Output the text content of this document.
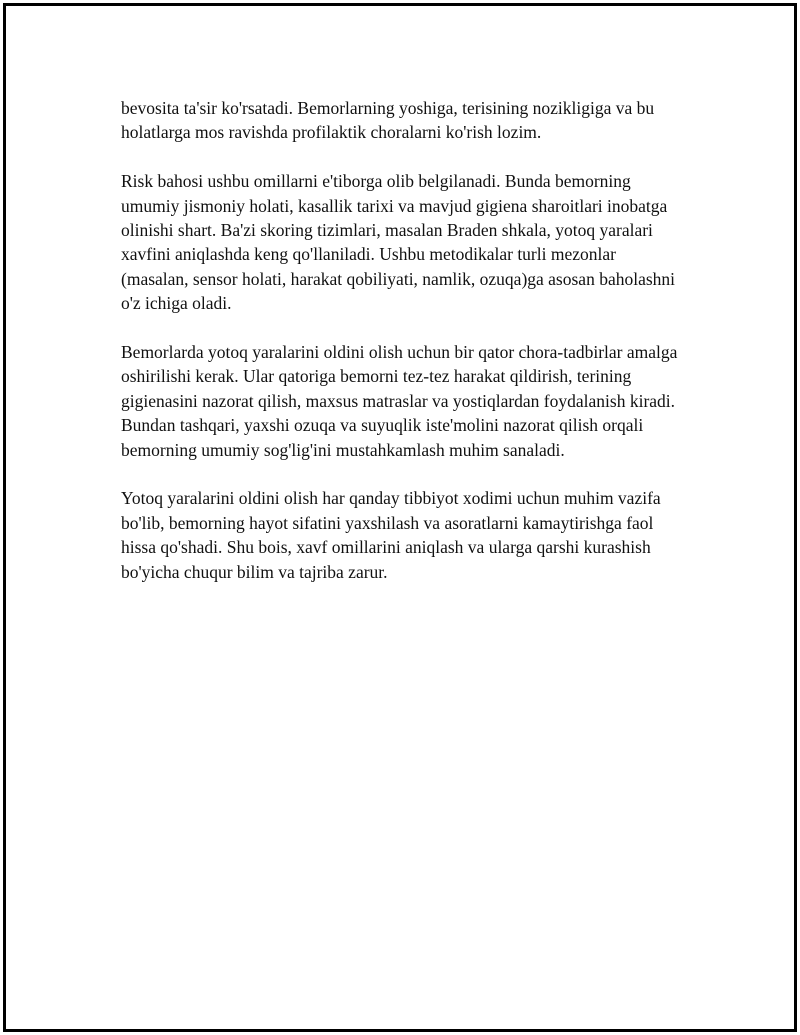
bevosita ta'sir ko'rsatadi. Bemorlarning yoshiga, terisining nozikligiga va bu holatlarga mos ravishda profilaktik choralarni ko'rish lozim.

Risk bahosi ushbu omillarni e'tiborga olib belgilanadi. Bunda bemorning umumiy jismoniy holati, kasallik tarixi va mavjud gigiena sharoitlari inobatga olinishi shart. Ba'zi skoring tizimlari, masalan Braden shkala, yotoq yaralari xavfini aniqlashda keng qo'llaniladi. Ushbu metodikalar turli mezonlar (masalan, sensor holati, harakat qobiliyati, namlik, ozuqa)ga asosan baholashni o'z ichiga oladi.

Bemorlarda yotoq yaralarini oldini olish uchun bir qator chora-tadbirlar amalga oshirilishi kerak. Ular qatoriga bemorni tez-tez harakat qildirish, terining gigienasini nazorat qilish, maxsus matraslar va yostiqlardan foydalanish kiradi. Bundan tashqari, yaxshi ozuqa va suyuqlik iste'molini nazorat qilish orqali bemorning umumiy sog'lig'ini mustahkamlash muhim sanaladi.

Yotoq yaralarini oldini olish har qanday tibbiyot xodimi uchun muhim vazifa bo'lib, bemorning hayot sifatini yaxshilash va asoratlarni kamaytirishga faol hissa qo'shadi. Shu bois, xavf omillarini aniqlash va ularga qarshi kurashish bo'yicha chuqur bilim va tajriba zarur.
